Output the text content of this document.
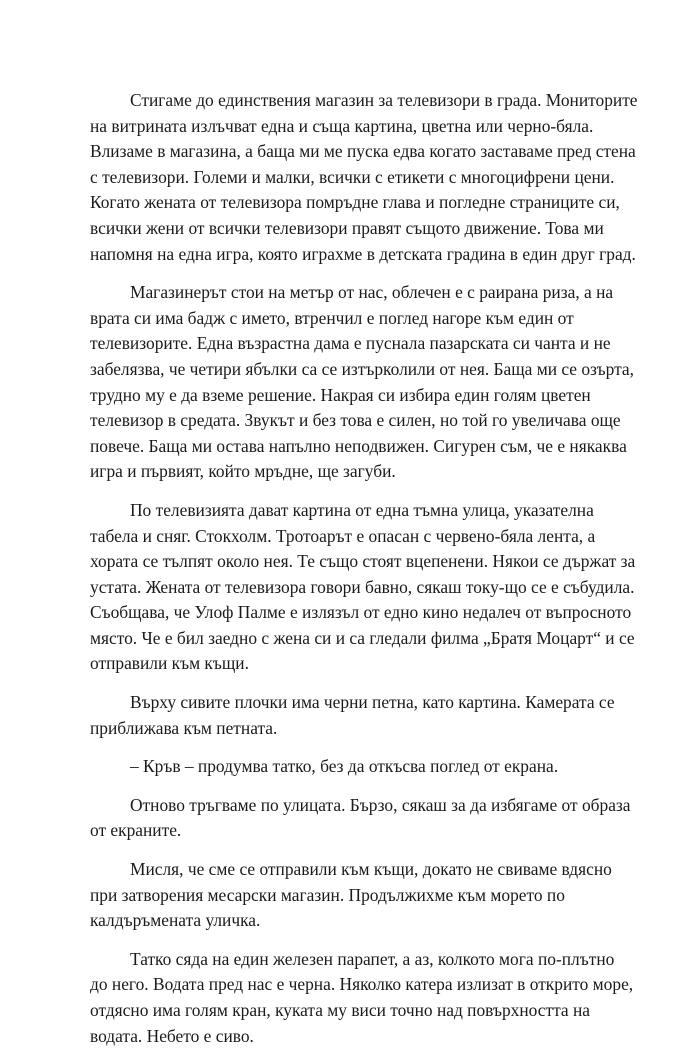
Стигаме до единствения магазин за телевизори в града. Мониторите
на витрината излъчват една и съща картина, цветна или черно-бяла.
Влизаме в магазина, а баща ми ме пуска едва когато заставаме пред стена
с телевизори. Големи и малки, всички с етикети с многоцифрени цени.
Когато жената от телевизора помръдне глава и погледне страниците си,
всички жени от всички телевизори правят същото движение. Това ми
напомня на една игра, която играхме в детската градина в един друг град.

Магазинерът стои на метър от нас, облечен е с раирана риза, а на
врата си има бадж с името, втренчил е поглед нагоре към един от
телевизорите. Една възрастна дама е пуснала пазарската си чанта и не
забелязва, че четири ябълки са се изтърколили от нея. Баща ми се озърта,
трудно му е да вземе решение. Накрая си избира един голям цветен
телевизор в средата. Звукът и без това е силен, но той го увеличава още
повече. Баща ми остава напълно неподвижен. Сигурен съм, че е някаква
игра и първият, който мръдне, ще загуби.

По телевизията дават картина от една тъмна улица, указателна
табела и сняг. Стокхолм. Тротоарът е опасан с червено-бяла лента, а
хората се тълпят около нея. Те също стоят вцепенени. Някои се държат за
устата. Жената от телевизора говори бавно, сякаш току-що се е събудила.
Съобщава, че Улоф Палме е излязъл от едно кино недалеч от въпросното
място. Че е бил заедно с жена си и са гледали филма „Братя Моцарт“ и се
отправили към къщи.

Върху сивите плочки има черни петна, като картина. Камерата се
приближава към петната.

– Кръв – продумва татко, без да откъсва поглед от екрана.

Отново тръгваме по улицата. Бързо, сякаш за да избягаме от образа
от екраните.

Мисля, че сме се отправили към къщи, докато не свиваме вдясно
при затворения месарски магазин. Продължихме към морето по
калдъръмената уличка.

Татко сяда на един железен парапет, а аз, колкото мога по-плътно
до него. Водата пред нас е черна. Няколко катера излизат в открито море,
отдясно има голям кран, куката му виси точно над повърхността на
водата. Небето е сиво.
